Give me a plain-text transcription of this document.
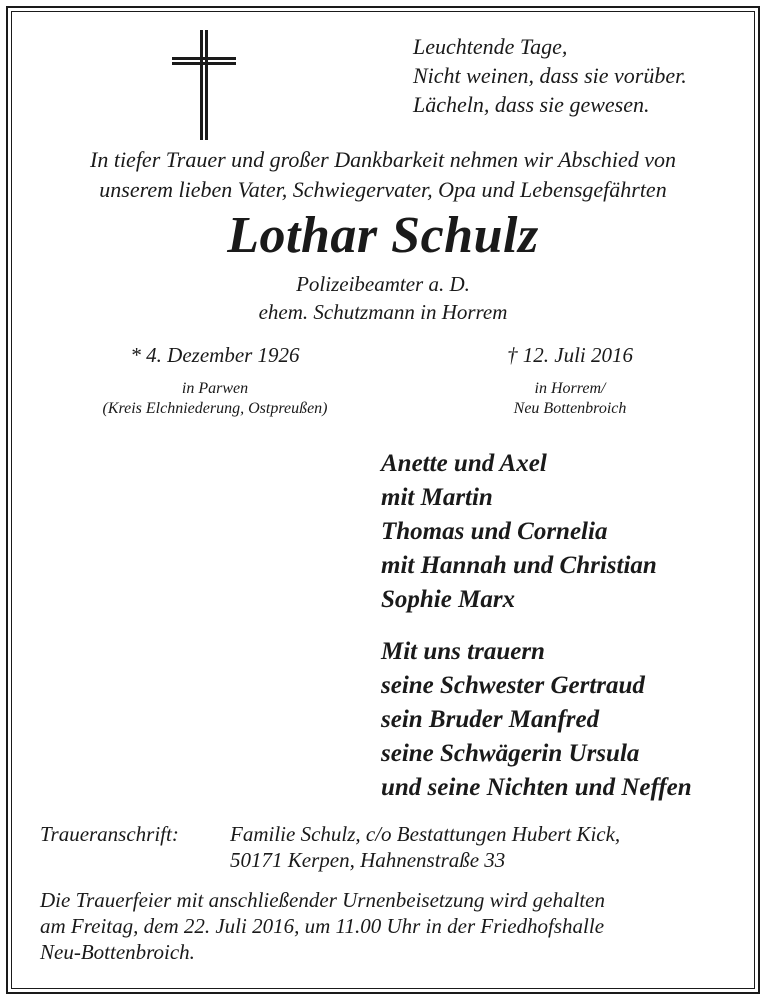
Leuchtende Tage,
Nicht weinen, dass sie vorüber.
Lächeln, dass sie gewesen.
In tiefer Trauer und großer Dankbarkeit nehmen wir Abschied von
unserem lieben Vater, Schwiegervater, Opa und Lebensgefährten
Lothar Schulz
Polizeibeamter a. D.
ehem. Schutzmann in Horrem
* 4. Dezember 1926	† 12. Juli 2016
in Parwen
(Kreis Elchniederung, Ostpreußen)
in Horrem/
Neu Bottenbroich
Anette und Axel
mit Martin
Thomas und Cornelia
mit Hannah und Christian
Sophie Marx
Mit uns trauern
seine Schwester Gertraud
sein Bruder Manfred
seine Schwägerin Ursula
und seine Nichten und Neffen
Traueranschrift: Familie Schulz, c/o Bestattungen Hubert Kick,
50171 Kerpen, Hahnenstraße 33
Die Trauerfeier mit anschließender Urnenbeisetzung wird gehalten
am Freitag, dem 22. Juli 2016, um 11.00 Uhr in der Friedhofshalle
Neu-Bottenbroich.
